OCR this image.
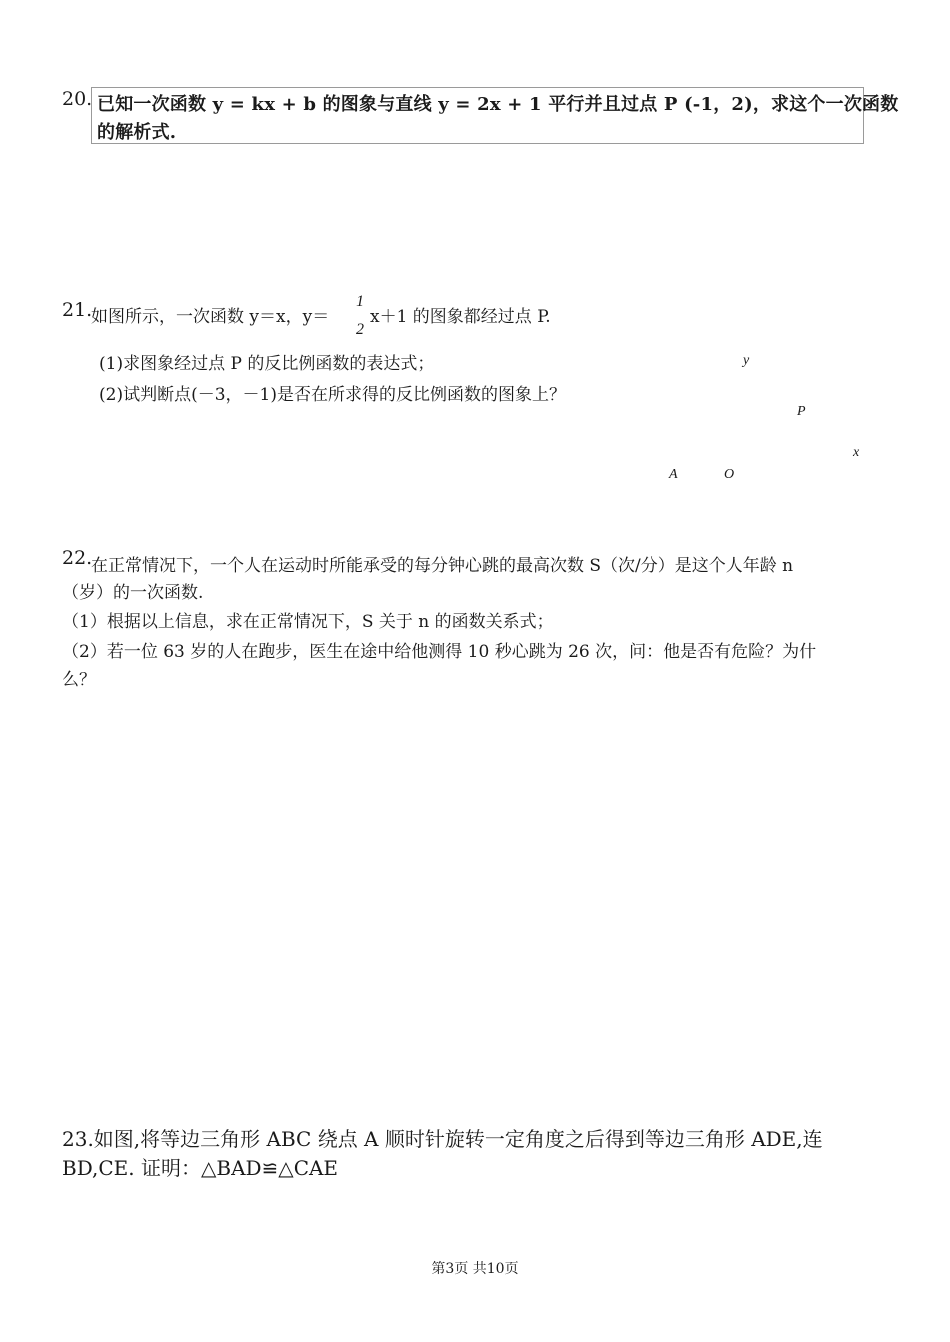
20. 已知一次函数 y = kx + b 的图象与直线 y = 2x + 1 平行并且过点 P (-1，2)，求这个一次函数
的解析式.
21.
如图所示，一次函数 y＝x，y＝
1
2
x＋1 的图象都经过点 P.
(1)求图象经过点 P 的反比例函数的表达式；
(2)试判断点(－3，－1)是否在所求得的反比例函数的图象上？
y
P
x
A	O
22.
在正常情况下，一个人在运动时所能承受的每分钟心跳的最高次数 S（次/分）是这个人年龄 n
（岁）的一次函数.
（1）根据以上信息，求在正常情况下，S 关于 n 的函数关系式；
（2）若一位 63 岁的人在跑步，医生在途中给他测得 10 秒心跳为 26 次，问：他是否有危险？为什
么？
23.如图,将等边三角形 ABC 绕点 A 顺时针旋转一定角度之后得到等边三角形 ADE,连
BD,CE. 证明：△BAD≌△CAE
第3页 共10页
